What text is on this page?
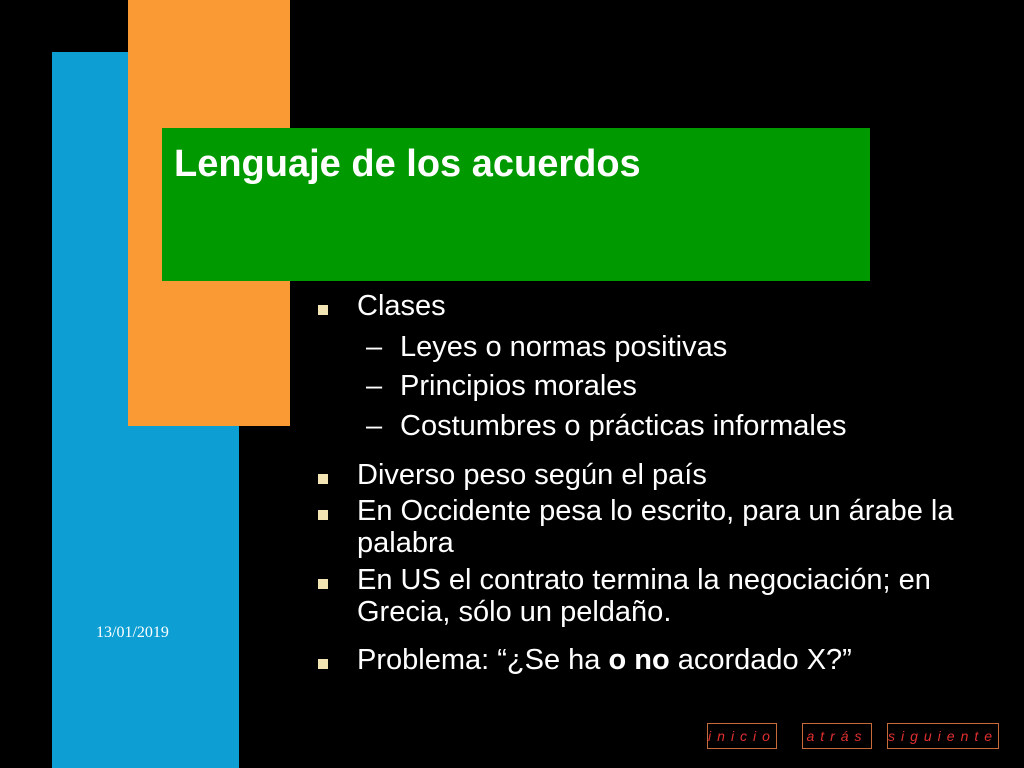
Lenguaje de los acuerdos
13/01/2019
Clases
– Leyes o normas positivas
– Principios morales
– Costumbres o prácticas informales
Diverso peso según el país
En Occidente pesa lo escrito, para un árabe la palabra
En US el contrato termina la negociación; en Grecia, sólo un peldaño.
Problema: “¿Se ha o no acordado X?”
inicio	atrás	siguiente
